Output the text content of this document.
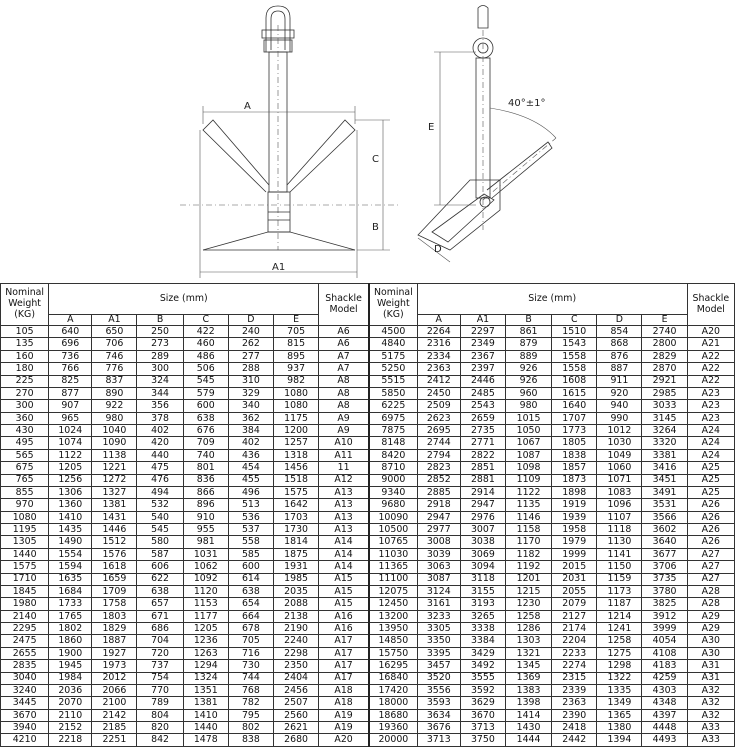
A
A1
C
B
E
40°±1°
D
Nominal
Weight
(KG)	Size (mm)						Shackle
Model	Nominal
Weight
(KG)	Size (mm)						Shackle
Model
	A	A1	B	C	D	E			A	A1	B	C	D	E	
105	640	650	250	422	240	705	A6	4500	2264	2297	861	1510	854	2740	A20
135	696	706	273	460	262	815	A6	4840	2316	2349	879	1543	868	2800	A21
160	736	746	289	486	277	895	A7	5175	2334	2367	889	1558	876	2829	A22
180	766	776	300	506	288	937	A7	5250	2363	2397	926	1558	887	2870	A22
225	825	837	324	545	310	982	A8	5515	2412	2446	926	1608	911	2921	A22
270	877	890	344	579	329	1080	A8	5850	2450	2485	960	1615	920	2985	A23
300	907	922	356	600	340	1080	A8	6225	2509	2543	980	1640	940	3033	A23
360	965	980	378	638	362	1175	A9	6975	2623	2659	1015	1707	990	3145	A23
430	1024	1040	402	676	384	1200	A9	7875	2695	2735	1050	1773	1012	3264	A24
495	1074	1090	420	709	402	1257	A10	8148	2744	2771	1067	1805	1030	3320	A24
565	1122	1138	440	740	436	1318	A11	8420	2794	2822	1087	1838	1049	3381	A24
675	1205	1221	475	801	454	1456	11	8710	2823	2851	1098	1857	1060	3416	A25
765	1256	1272	476	836	455	1518	A12	9000	2852	2881	1109	1873	1071	3451	A25
855	1306	1327	494	866	496	1575	A13	9340	2885	2914	1122	1898	1083	3491	A25
970	1360	1381	532	896	513	1642	A13	9680	2918	2947	1135	1919	1096	3531	A26
1080	1410	1431	540	910	536	1703	A13	10090	2947	2976	1146	1939	1107	3566	A26
1195	1435	1446	545	955	537	1730	A13	10500	2977	3007	1158	1958	1118	3602	A26
1305	1490	1512	580	981	558	1814	A14	10765	3008	3038	1170	1979	1130	3640	A26
1440	1554	1576	587	1031	585	1875	A14	11030	3039	3069	1182	1999	1141	3677	A27
1575	1594	1618	606	1062	600	1931	A14	11365	3063	3094	1192	2015	1150	3706	A27
1710	1635	1659	622	1092	614	1985	A15	11100	3087	3118	1201	2031	1159	3735	A27
1845	1684	1709	638	1120	638	2035	A15	12075	3124	3155	1215	2055	1173	3780	A28
1980	1733	1758	657	1153	654	2088	A15	12450	3161	3193	1230	2079	1187	3825	A28
2140	1765	1803	671	1177	664	2138	A16	13200	3233	3265	1258	2127	1214	3912	A29
2295	1802	1829	686	1205	678	2190	A16	13950	3305	3338	1286	2174	1241	3999	A29
2475	1860	1887	704	1236	705	2240	A17	14850	3350	3384	1303	2204	1258	4054	A30
2655	1900	1927	720	1263	716	2298	A17	15750	3395	3429	1321	2233	1275	4108	A30
2835	1945	1973	737	1294	730	2350	A17	16295	3457	3492	1345	2274	1298	4183	A31
3040	1984	2012	754	1324	744	2404	A17	16840	3520	3555	1369	2315	1322	4259	A31
3240	2036	2066	770	1351	768	2456	A18	17420	3556	3592	1383	2339	1335	4303	A32
3445	2070	2100	789	1381	782	2507	A18	18000	3593	3629	1398	2363	1349	4348	A32
3670	2110	2142	804	1410	795	2560	A19	18680	3634	3670	1414	2390	1365	4397	A32
3940	2152	2185	820	1440	802	2621	A19	19360	3676	3713	1430	2418	1380	4448	A33
4210	2218	2251	842	1478	838	2680	A20	20000	3713	3750	1444	2442	1394	4493	A33
